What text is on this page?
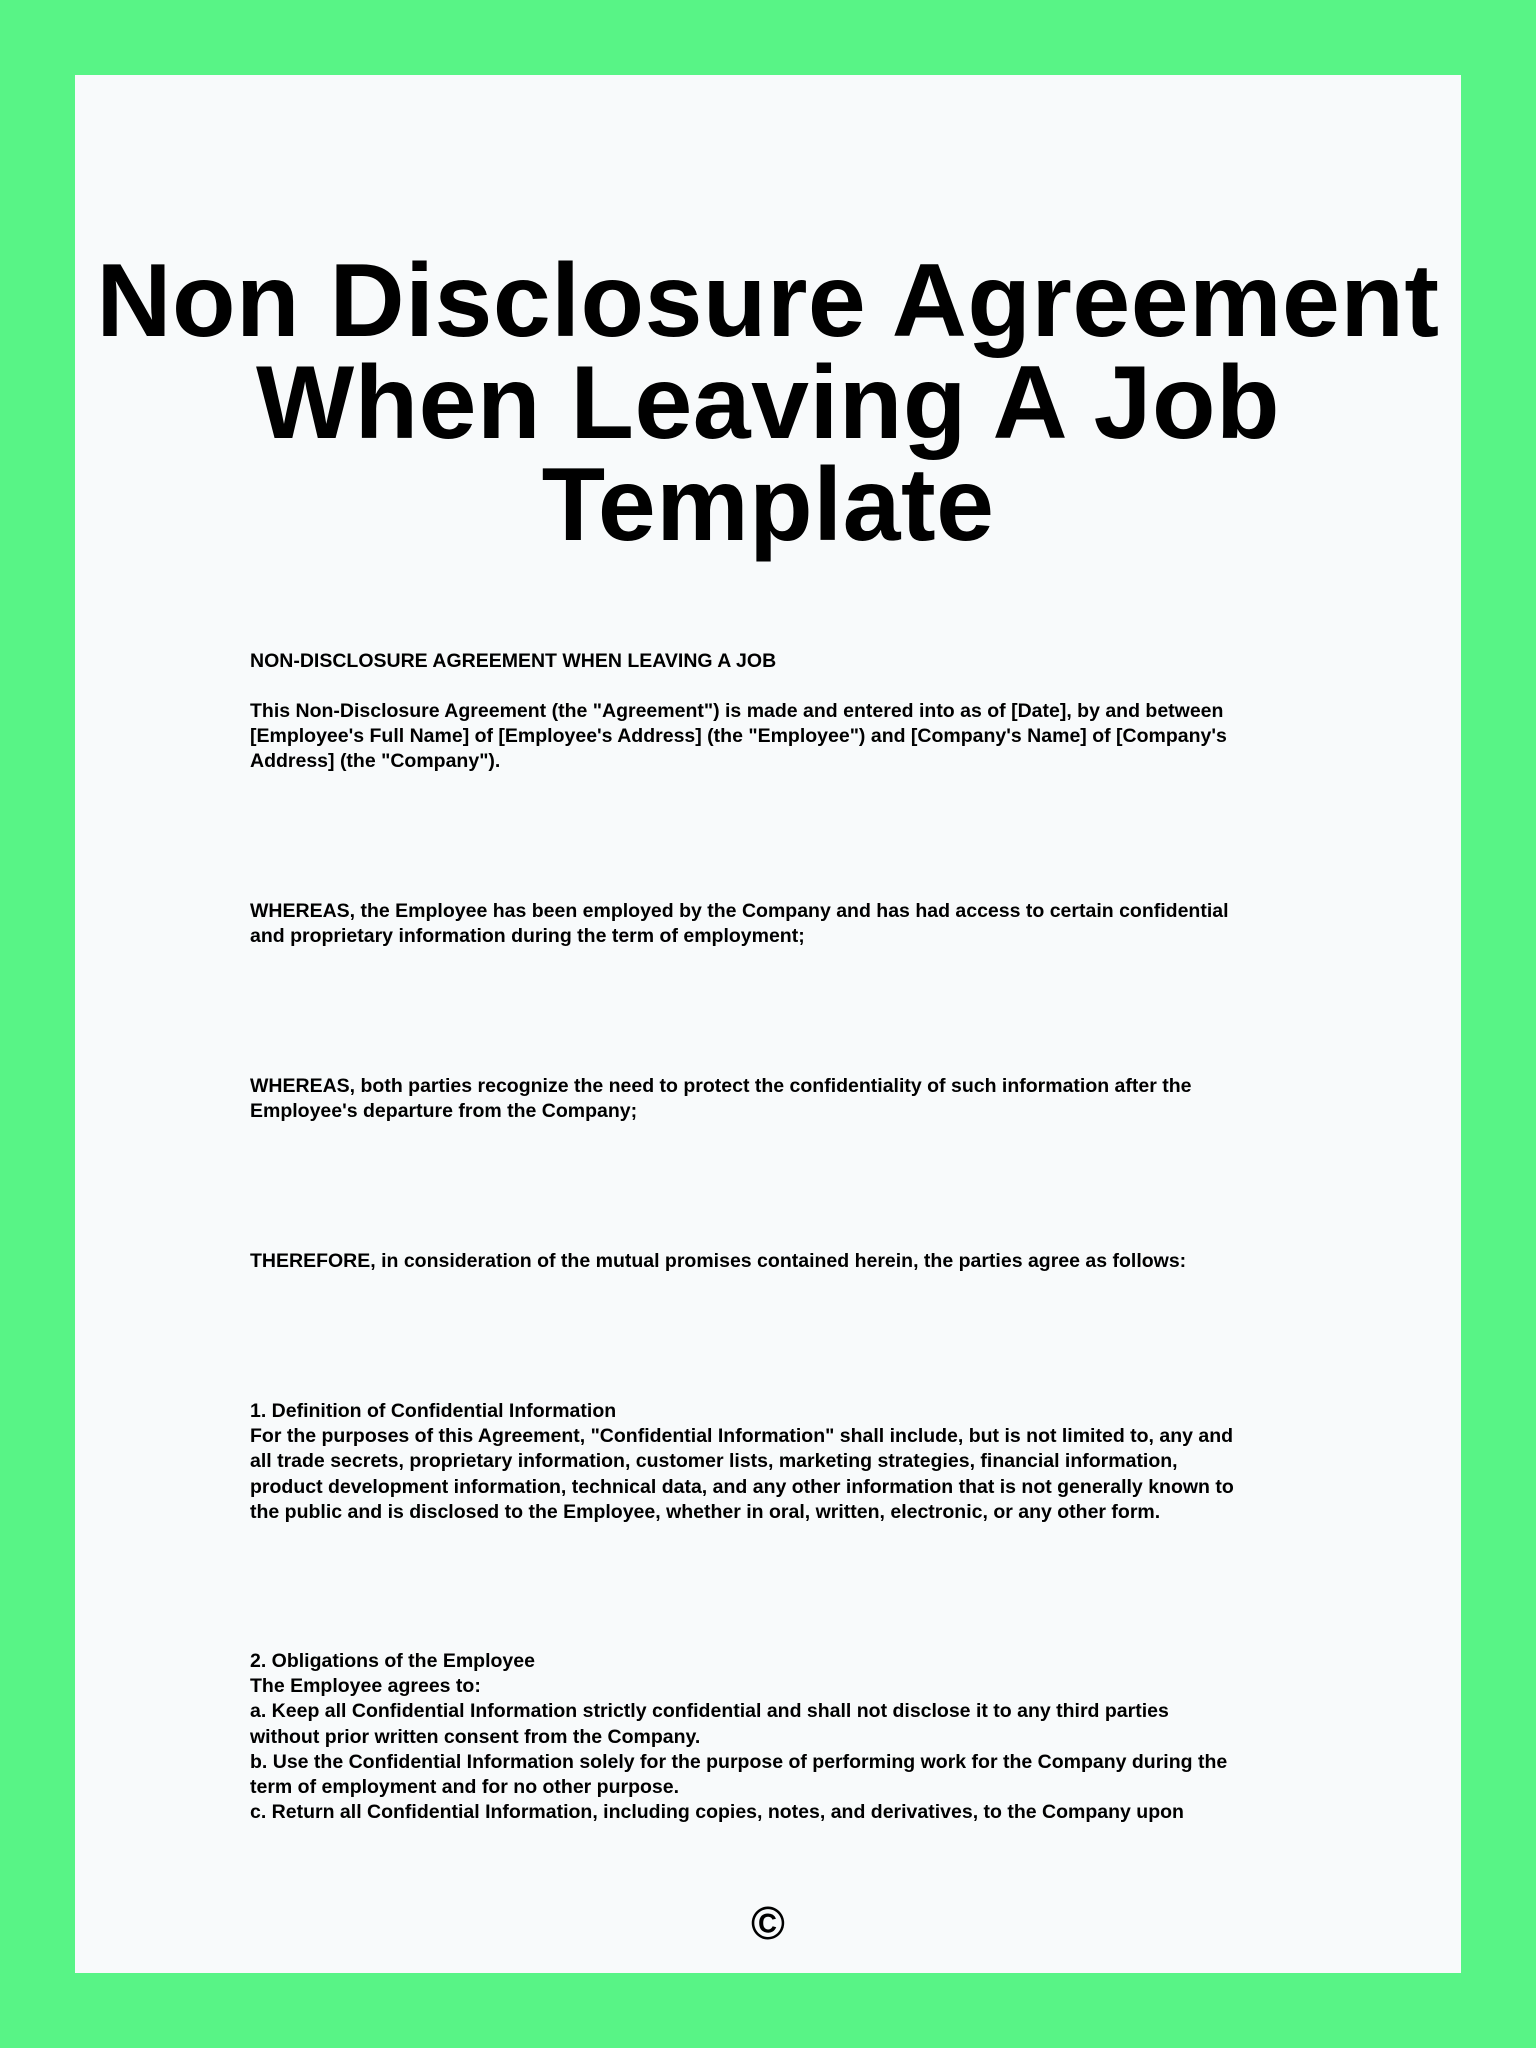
Non Disclosure Agreement
When Leaving A Job
Template

NON-DISCLOSURE AGREEMENT WHEN LEAVING A JOB

This Non-Disclosure Agreement (the "Agreement") is made and entered into as of [Date], by and between
[Employee's Full Name] of [Employee's Address] (the "Employee") and [Company's Name] of [Company's
Address] (the "Company").

WHEREAS, the Employee has been employed by the Company and has had access to certain confidential
and proprietary information during the term of employment;

WHEREAS, both parties recognize the need to protect the confidentiality of such information after the
Employee's departure from the Company;

THEREFORE, in consideration of the mutual promises contained herein, the parties agree as follows:

1. Definition of Confidential Information
For the purposes of this Agreement, "Confidential Information" shall include, but is not limited to, any and
all trade secrets, proprietary information, customer lists, marketing strategies, financial information,
product development information, technical data, and any other information that is not generally known to
the public and is disclosed to the Employee, whether in oral, written, electronic, or any other form.

2. Obligations of the Employee
The Employee agrees to:
a. Keep all Confidential Information strictly confidential and shall not disclose it to any third parties
without prior written consent from the Company.
b. Use the Confidential Information solely for the purpose of performing work for the Company during the
term of employment and for no other purpose.
c. Return all Confidential Information, including copies, notes, and derivatives, to the Company upon

©
